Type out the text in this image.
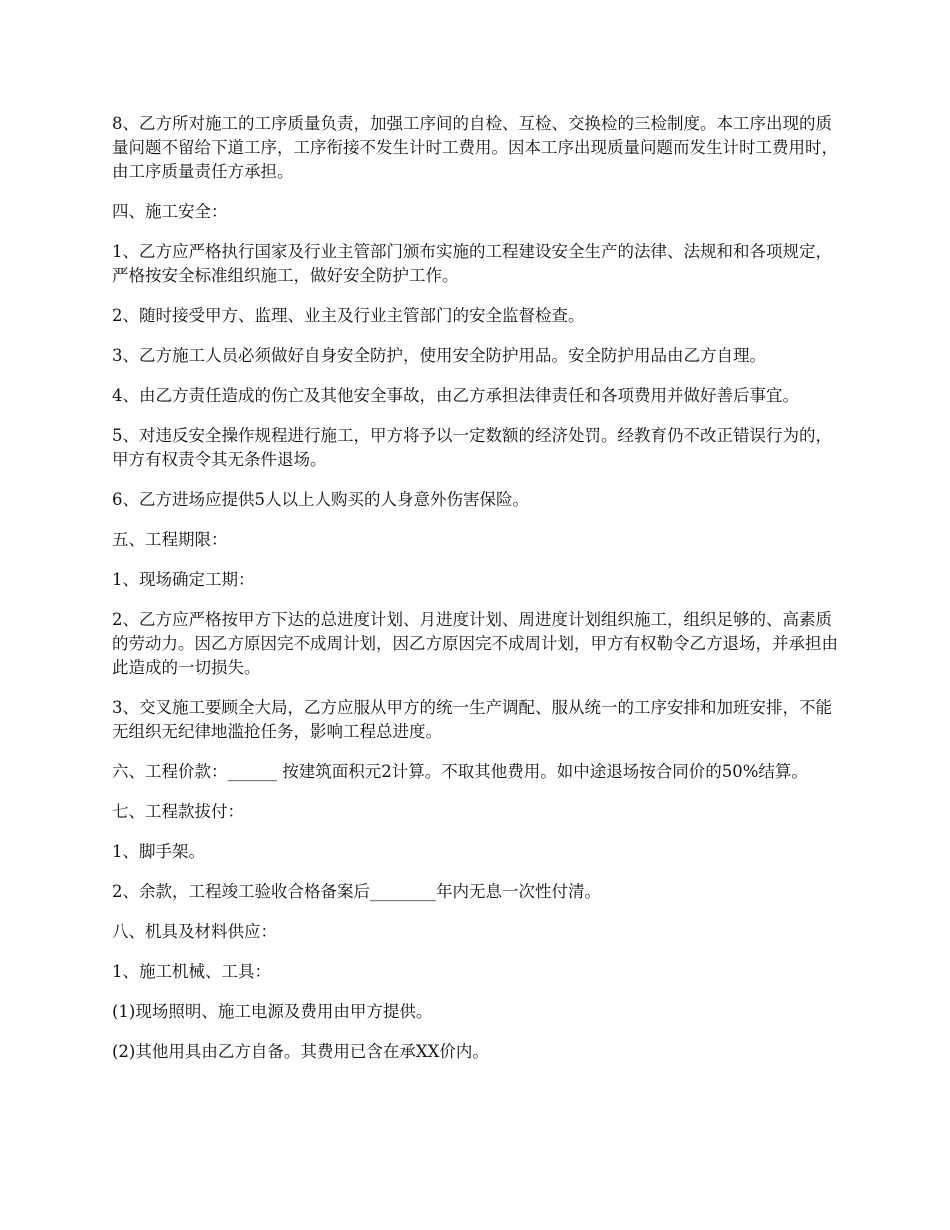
8、乙方所对施工的工序质量负责，加强工序间的自检、互检、交换检的三检制度。本工序出现的质量问题不留给下道工序，工序衔接不发生计时工费用。因本工序出现质量问题而发生计时工费用时，由工序质量责任方承担。

四、施工安全：

1、乙方应严格执行国家及行业主管部门颁布实施的工程建设安全生产的法律、法规和和各项规定，严格按安全标准组织施工，做好安全防护工作。

2、随时接受甲方、监理、业主及行业主管部门的安全监督检查。

3、乙方施工人员必须做好自身安全防护，使用安全防护用品。安全防护用品由乙方自理。

4、由乙方责任造成的伤亡及其他安全事故，由乙方承担法律责任和各项费用并做好善后事宜。

5、对违反安全操作规程进行施工，甲方将予以一定数额的经济处罚。经教育仍不改正错误行为的，甲方有权责令其无条件退场。

6、乙方进场应提供5人以上人购买的人身意外伤害保险。

五、工程期限：

1、现场确定工期：

2、乙方应严格按甲方下达的总进度计划、月进度计划、周进度计划组织施工，组织足够的、高素质的劳动力。因乙方原因完不成周计划，因乙方原因完不成周计划，甲方有权勒令乙方退场，并承担由此造成的一切损失。

3、交叉施工要顾全大局，乙方应服从甲方的统一生产调配、服从统一的工序安排和加班安排，不能无组织无纪律地滥抢任务，影响工程总进度。

六、工程价款：______ 按建筑面积元2计算。不取其他费用。如中途退场按合同价的50%结算。

七、工程款拔付：

1、脚手架。

2、余款，工程竣工验收合格备案后________年内无息一次性付清。

八、机具及材料供应：

1、施工机械、工具：

(1)现场照明、施工电源及费用由甲方提供。

(2)其他用具由乙方自备。其费用已含在承XX价内。
